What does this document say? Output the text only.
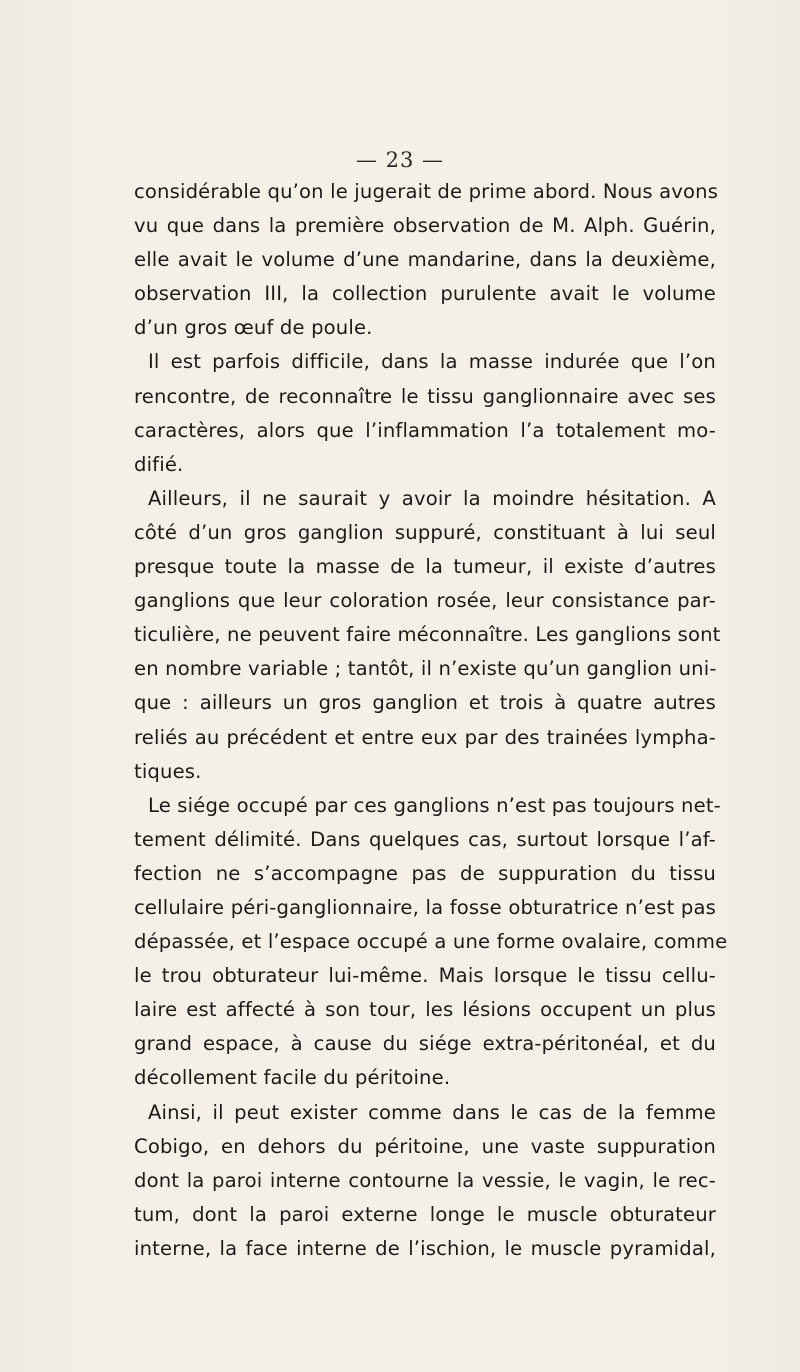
— 23 —
considérable qu’on le jugerait de prime abord. Nous avons
vu que dans la première observation de M. Alph. Guérin,
elle avait le volume d’une mandarine, dans la deuxième,
observation III, la collection purulente avait le volume
d’un gros œuf de poule.
Il est parfois difficile, dans la masse indurée que l’on
rencontre, de reconnaître le tissu ganglionnaire avec ses
caractères, alors que l’inflammation l’a totalement mo-
difié.
Ailleurs, il ne saurait y avoir la moindre hésitation. A
côté d’un gros ganglion suppuré, constituant à lui seul
presque toute la masse de la tumeur, il existe d’autres
ganglions que leur coloration rosée, leur consistance par-
ticulière, ne peuvent faire méconnaître. Les ganglions sont
en nombre variable ; tantôt, il n’existe qu’un ganglion uni-
que : ailleurs un gros ganglion et trois à quatre autres
reliés au précédent et entre eux par des trainées lympha-
tiques.
Le siége occupé par ces ganglions n’est pas toujours net-
tement délimité. Dans quelques cas, surtout lorsque l’af-
fection ne s’accompagne pas de suppuration du tissu
cellulaire péri-ganglionnaire, la fosse obturatrice n’est pas
dépassée, et l’espace occupé a une forme ovalaire, comme
le trou obturateur lui-même. Mais lorsque le tissu cellu-
laire est affecté à son tour, les lésions occupent un plus
grand espace, à cause du siége extra-péritonéal, et du
décollement facile du péritoine.
Ainsi, il peut exister comme dans le cas de la femme
Cobigo, en dehors du péritoine, une vaste suppuration
dont la paroi interne contourne la vessie, le vagin, le rec-
tum, dont la paroi externe longe le muscle obturateur
interne, la face interne de l’ischion, le muscle pyramidal,
